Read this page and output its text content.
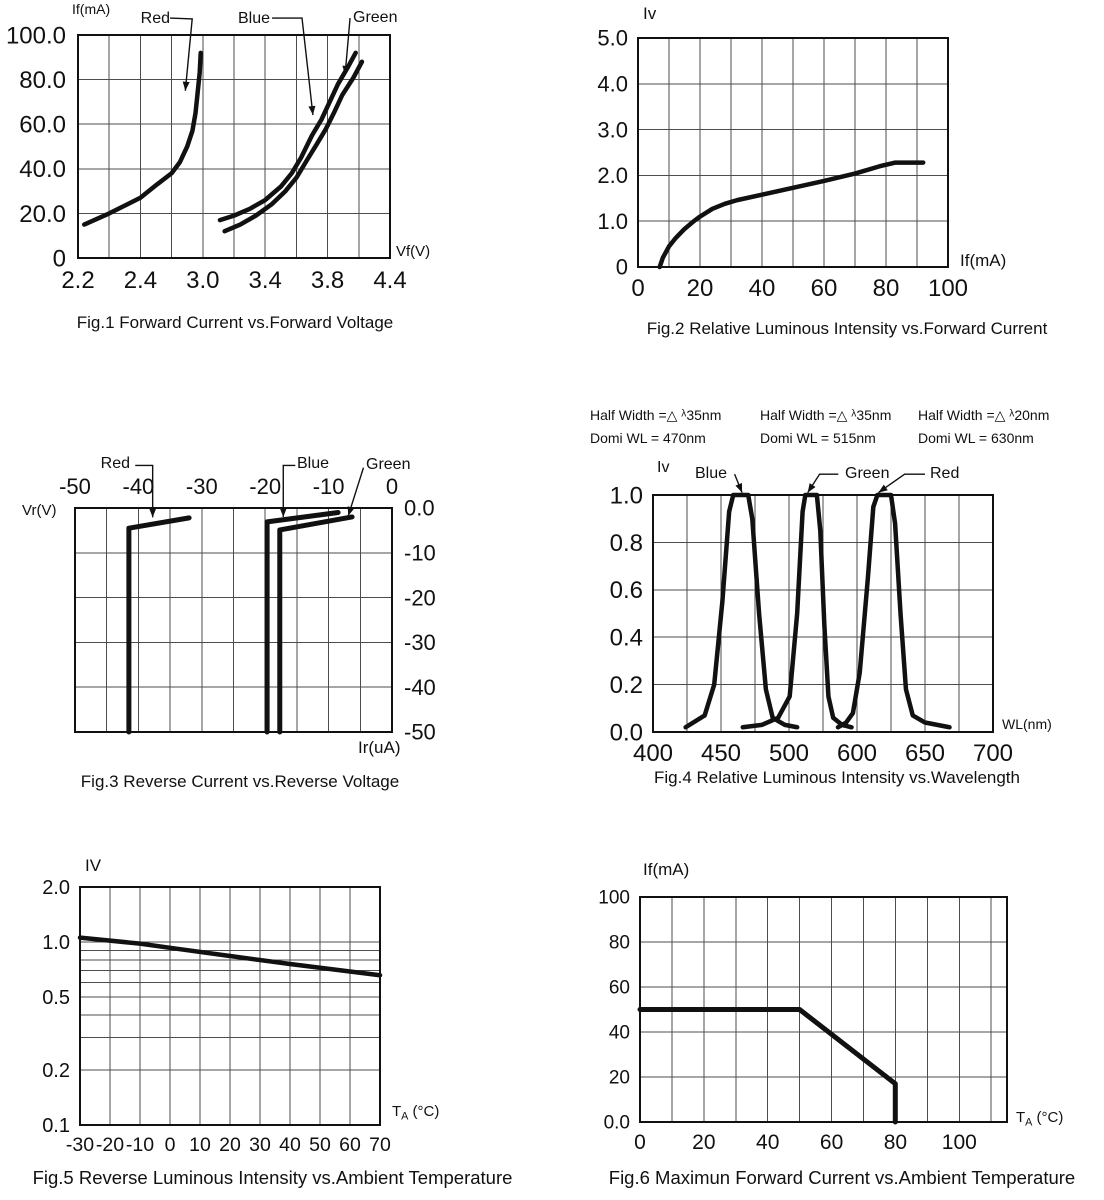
2.2 2.4 3.0 3.4 3.8 4.4
100.0
80.0
60.0
40.0
20.0
0
If(mA)
Vf(V)
Red	Blue	Green
Fig.1 Forward Current vs.Forward Voltage
0 20 40 60 80 100
5.0
4.0
3.0
2.0
1.0
0
Iv
If(mA)
Fig.2 Relative Luminous Intensity vs.Forward Current
-50 -40 -30 -20 -10 0
0.0
-10
-20
-30
-40
-50
Vr(V)
Ir(uA)
Red	Blue Green
Fig.3 Reverse Current vs.Reverse Voltage
400 450 500 600 650 700
1.0
0.8
0.6
0.4
0.2
0.0
Half Width =△ $^\lambda$35nm
Domi WL = 470nm
Half Width =△ $^\lambda$35nm
Domi WL = 515nm
Half Width =△ $^\lambda$20nm
Domi WL = 630nm
Iv
WL(nm)
Blue	Green	Red
Fig.4 Relative Luminous Intensity vs.Wavelength
-30 -20 -10 0 10 20 30 40 50 60 70
2.0
1.0
0.5
0.2
0.1
IV
$T_A$ (°C)
Fig.5 Reverse Luminous Intensity vs.Ambient Temperature
0 20 40 60 80 100
100
80
60
40
20
0.0
If(mA)
$T_A$ (°C)
Fig.6 Maximun Forward Current vs.Ambient Temperature
